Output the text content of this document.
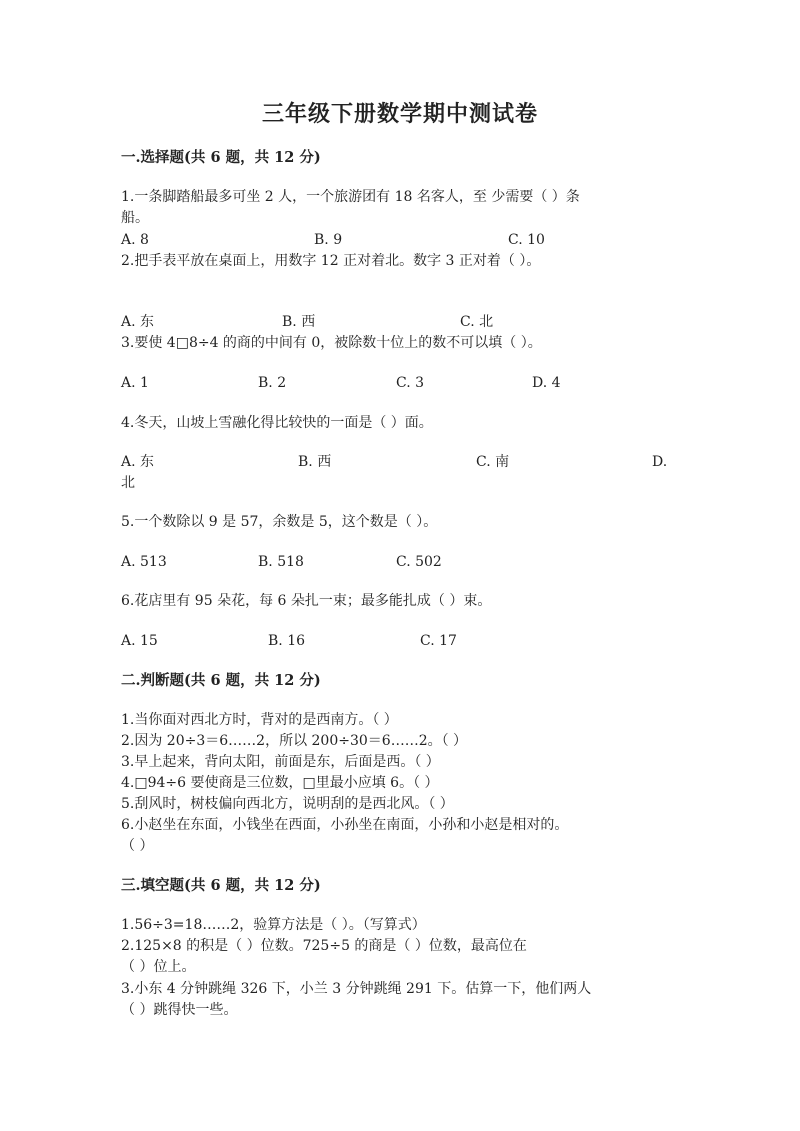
三年级下册数学期中测试卷
一.选择题(共 6 题，共 12 分)
1.一条脚踏船最多可坐 2 人，一个旅游团有 18 名客人，至 少需要（ ）条
船。
A. 8	B. 9	C. 10
2.把手表平放在桌面上，用数字 12 正对着北。数字 3 正对着（ ）。
A. 东	B. 西	C. 北
3.要使 4□8÷4 的商的中间有 0，被除数十位上的数不可以填（ ）。
A. 1	B. 2	C. 3	D. 4
4.冬天，山坡上雪融化得比较快的一面是（ ）面。
A. 东	B. 西	C. 南	D.
北
5.一个数除以 9 是 57，余数是 5，这个数是（ ）。
A. 513	B. 518	C. 502
6.花店里有 95 朵花，每 6 朵扎一束；最多能扎成（ ）束。
A. 15	B. 16	C. 17
二.判断题(共 6 题，共 12 分)
1.当你面对西北方时，背对的是西南方。（ ）
2.因为 20÷3＝6……2，所以 200÷30＝6……2。（ ）
3.早上起来，背向太阳，前面是东，后面是西。（ ）
4.□94÷6 要使商是三位数，□里最小应填 6。（ ）
5.刮风时，树枝偏向西北方，说明刮的是西北风。（ ）
6.小赵坐在东面，小钱坐在西面，小孙坐在南面，小孙和小赵是相对的。
（ ）
三.填空题(共 6 题，共 12 分)
1.56÷3=18……2，验算方法是（ ）。（写算式）
2.125×8 的积是（ ）位数。725÷5 的商是（ ）位数，最高位在
（ ）位上。
3.小东 4 分钟跳绳 326 下，小兰 3 分钟跳绳 291 下。估算一下，他们两人
（ ）跳得快一些。
